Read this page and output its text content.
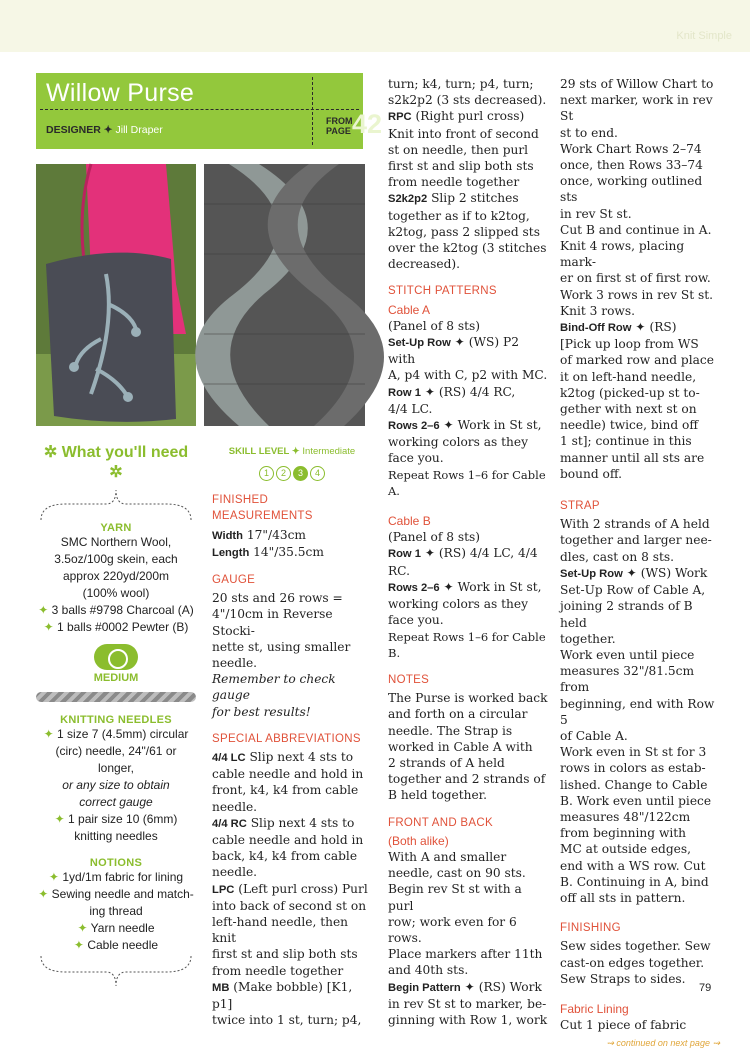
Knit Simple
Willow Purse
DESIGNER ✦ Jill Draper
FROM PAGE 42
✲ What you'll need ✲
YARN
SMC Northern Wool,
3.5oz/100g skein, each
approx 220yd/200m
(100% wool)
✦ 3 balls #9798 Charcoal (A)
✦ 1 balls #0002 Pewter (B)
MEDIUM
KNITTING NEEDLES
✦ 1 size 7 (4.5mm) circular
(circ) needle, 24"/61 or longer,
or any size to obtain
correct gauge
✦ 1 pair size 10 (6mm)
knitting needles
NOTIONS
✦ 1yd/1m fabric for lining
✦ Sewing needle and match-
ing thread
✦ Yarn needle
✦ Cable needle
SKILL LEVEL ✦ Intermediate
1 2 3 4
FINISHED MEASUREMENTS

Width 17"/43cm

Length 14"/35.5cm

GAUGE

20 sts and 26 rows =

4"/10cm in Reverse Stocki-

nette st, using smaller

needle.

Remember to check gauge

for best results!

SPECIAL ABBREVIATIONS

4/4 LC Slip next 4 sts to

cable needle and hold in

front, k4, k4 from cable

needle.

4/4 RC Slip next 4 sts to

cable needle and hold in

back, k4, k4 from cable

needle.

LPC (Left purl cross) Purl

into back of second st on

left-hand needle, then knit

first st and slip both sts

from needle together

MB (Make bobble) [K1, p1]

twice into 1 st, turn; p4,

turn; k4, turn; p4, turn;

s2k2p2 (3 sts decreased).

RPC (Right purl cross)

Knit into front of second

st on needle, then purl

first st and slip both sts

from needle together

S2k2p2 Slip 2 stitches

together as if to k2tog,

k2tog, pass 2 slipped sts

over the k2tog (3 stitches

decreased).

STITCH PATTERNS
Cable A

(Panel of 8 sts)

Set-Up Row ✦ (WS) P2 with

A, p4 with C, p2 with MC.

Row 1 ✦ (RS) 4/4 RC,

4/4 LC.

Rows 2–6 ✦ Work in St st,

working colors as they

face you.

Repeat Rows 1–6 for Cable A.

Cable B

(Panel of 8 sts)

Row 1 ✦ (RS) 4/4 LC, 4/4

RC.

Rows 2–6 ✦ Work in St st,

working colors as they

face you.

Repeat Rows 1–6 for Cable B.

NOTES

The Purse is worked back

and forth on a circular

needle. The Strap is

worked in Cable A with

2 strands of A held

together and 2 strands of

B held together.

FRONT AND BACK
(Both alike)

With A and smaller

needle, cast on 90 sts.

Begin rev St st with a purl

row; work even for 6 rows.

Place markers after 11th

and 40th sts.

Begin Pattern ✦ (RS) Work

in rev St st to marker, be-

ginning with Row 1, work

29 sts of Willow Chart to

next marker, work in rev St

st to end.

Work Chart Rows 2–74

once, then Rows 33–74

once, working outlined sts

in rev St st.

Cut B and continue in A.

Knit 4 rows, placing mark-

er on first st of first row.

Work 3 rows in rev St st.

Knit 3 rows.

Bind-Off Row ✦ (RS)

[Pick up loop from WS

of marked row and place

it on left-hand needle,

k2tog (picked-up st to-

gether with next st on

needle) twice, bind off

1 st]; continue in this

manner until all sts are

bound off.

STRAP

With 2 strands of A held

together and larger nee-

dles, cast on 8 sts.

Set-Up Row ✦ (WS) Work

Set-Up Row of Cable A,

joining 2 strands of B held

together.

Work even until piece

measures 32"/81.5cm from

beginning, end with Row 5

of Cable A.

Work even in St st for 3

rows in colors as estab-

lished. Change to Cable

B. Work even until piece

measures 48"/122cm

from beginning with

MC at outside edges,

end with a WS row. Cut

B. Continuing in A, bind

off all sts in pattern.

FINISHING

Sew sides together. Sew

cast-on edges together.

Sew Straps to sides.

Fabric Lining

Cut 1 piece of fabric

⇝ continued on next page ⇝
79
